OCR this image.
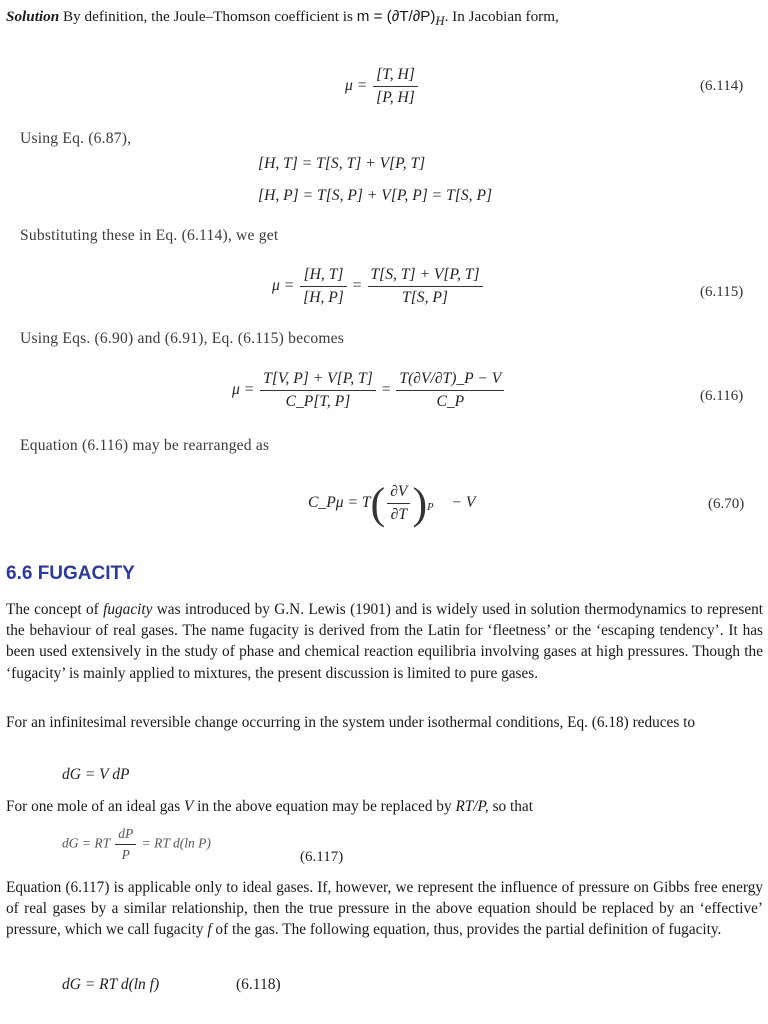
Solution By definition, the Joule–Thomson coefficient is $m = (\partial T/\partial P)_H$. In Jacobian form,
$\mu = \frac{[T, H]}{[P, H]}$	(6.114)
Using Eq. (6.87),
[H, T] = T[S, T] + V[P, T]
[H, P] = T[S, P] + V[P, P] = T[S, P]
Substituting these in Eq. (6.114), we get
$\mu = \frac{[H, T]}{[H, P]} = \frac{T[S, T] + V[P, T]}{T[S, P]}$	(6.115)
Using Eqs. (6.90) and (6.91), Eq. (6.115) becomes
$\mu = \frac{T[V, P] + V[P, T]}{C\_P[T, P]} = \frac{T(\partial V/\partial T)\_P - V}{C\_P}$	(6.116)
Equation (6.116) may be rearranged as
C_Pμ = $T( \frac{\partial V}{\partial T} )_P - V$	(6.70)
6.6 FUGACITY
The concept of fugacity was introduced by G.N. Lewis (1901) and is widely used in solution thermodynamics to represent the behaviour of real gases. The name fugacity is derived from the Latin for ‘fleetness’ or the ‘escaping tendency’. It has been used extensively in the study of phase and chemical reaction equilibria involving gases at high pressures. Though the ‘fugacity’ is mainly applied to mixtures, the present discussion is limited to pure gases.
For an infinitesimal reversible change occurring in the system under isothermal conditions, Eq. (6.18) reduces to
dG = V dP
For one mole of an ideal gas V in the above equation may be replaced by RT/P, so that
dG = RT $\frac{dP}{P}$ = RT d(ln P)
(6.117)
Equation (6.117) is applicable only to ideal gases. If, however, we represent the influence of pressure on Gibbs free energy of real gases by a similar relationship, then the true pressure in the above equation should be replaced by an ‘effective’ pressure, which we call fugacity f of the gas. The following equation, thus, provides the partial definition of fugacity.
dG = RT d(ln f)	(6.118)
